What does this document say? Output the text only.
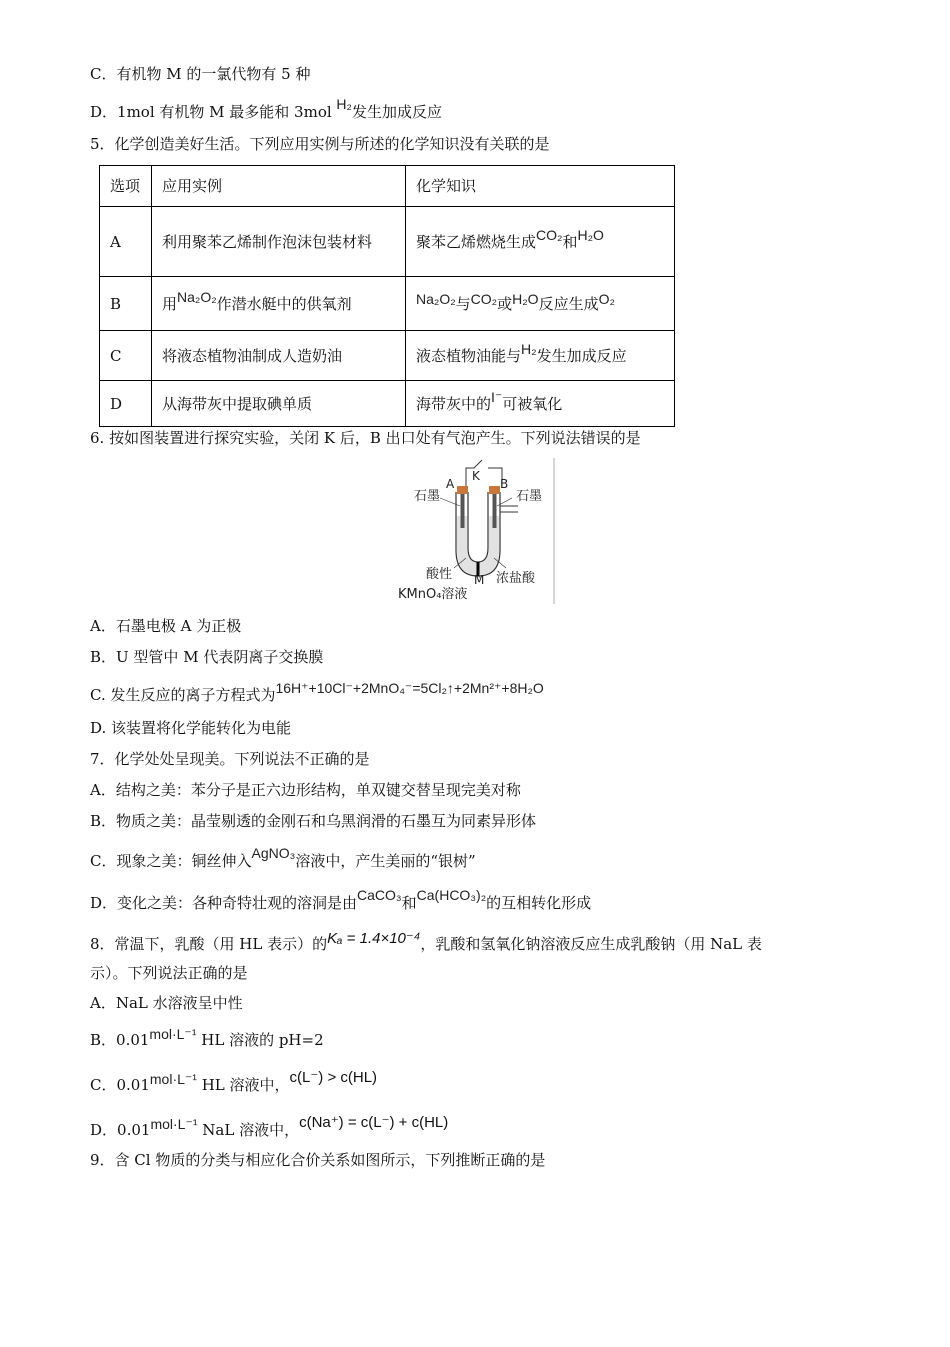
C．有机物 M 的一氯代物有 5 种
D．1mol 有机物 M 最多能和 3mol H₂发生加成反应
5．化学创造美好生活。下列应用实例与所述的化学知识没有关联的是
选项	应用实例	化学知识
A	利用聚苯乙烯制作泡沫包装材料	聚苯乙烯燃烧生成CO₂和H₂O
B	用Na₂O₂作潜水艇中的供氧剂	Na₂O₂与CO₂或H₂O反应生成O₂
C	将液态植物油制成人造奶油	液态植物油能与H₂发生加成反应
D	从海带灰中提取碘单质	海带灰中的I⁻可被氧化
6. 按如图装置进行探究实验，关闭 K 后，B 出口处有气泡产生。下列说法错误的是
石墨
A
K
B
石墨
酸性 M 浓盐酸
KMnO₄溶液
A．石墨电极 A 为正极
B．U 型管中 M 代表阴离子交换膜
C. 发生反应的离子方程式为16H⁺+10Cl⁻+2MnO₄⁻=5Cl₂↑+2Mn²⁺+8H₂O
D. 该装置将化学能转化为电能
7．化学处处呈现美。下列说法不正确的是
A．结构之美：苯分子是正六边形结构，单双键交替呈现完美对称
B．物质之美：晶莹剔透的金刚石和乌黑润滑的石墨互为同素异形体
C．现象之美：铜丝伸入AgNO₃溶液中，产生美丽的“银树”
D．变化之美：各种奇特壮观的溶洞是由CaCO₃和Ca(HCO₃)₂的互相转化形成
8．常温下，乳酸（用 HL 表示）的Kₐ = 1.4×10⁻⁴，乳酸和氢氧化钠溶液反应生成乳酸钠（用 NaL 表
示）。下列说法正确的是
A．NaL 水溶液呈中性
B．0.01mol·L⁻¹ HL 溶液的 pH=2
C．0.01mol·L⁻¹ HL 溶液中，c(L⁻) > c(HL)
D．0.01mol·L⁻¹ NaL 溶液中，c(Na⁺) = c(L⁻) + c(HL)
9．含 Cl 物质的分类与相应化合价关系如图所示，下列推断正确的是
